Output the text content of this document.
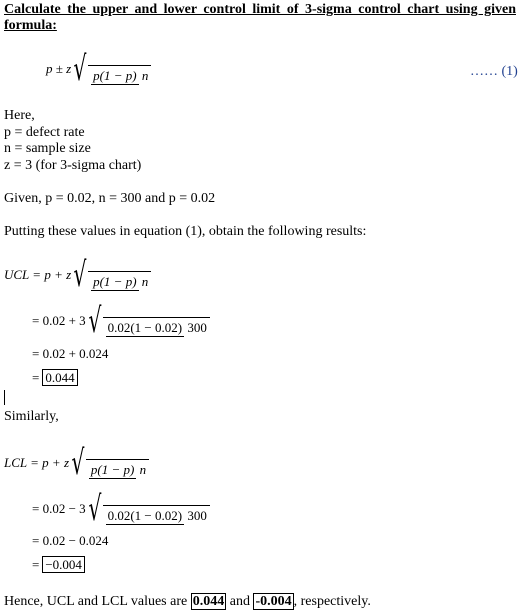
Calculate the upper and lower control limit of 3-sigma control chart using given formula:
p ± z √ p(1 − p) n	…… (1)
Here,
p = defect rate
n = sample size
z = 3 (for 3-sigma chart)
Given, p = 0.02, n = 300 and p = 0.02
Putting these values in equation (1), obtain the following results:
UCL = p + z √ p(1 − p) n
= 0.02 + 3 √ 0.02(1 − 0.02) 300
= 0.02 + 0.024
= 0.044
Similarly,
LCL = p + z √ p(1 − p) n
= 0.02 − 3 √ 0.02(1 − 0.02) 300
= 0.02 − 0.024
= −0.004
Hence, UCL and LCL values are 0.044 and -0.004 , respectively.
